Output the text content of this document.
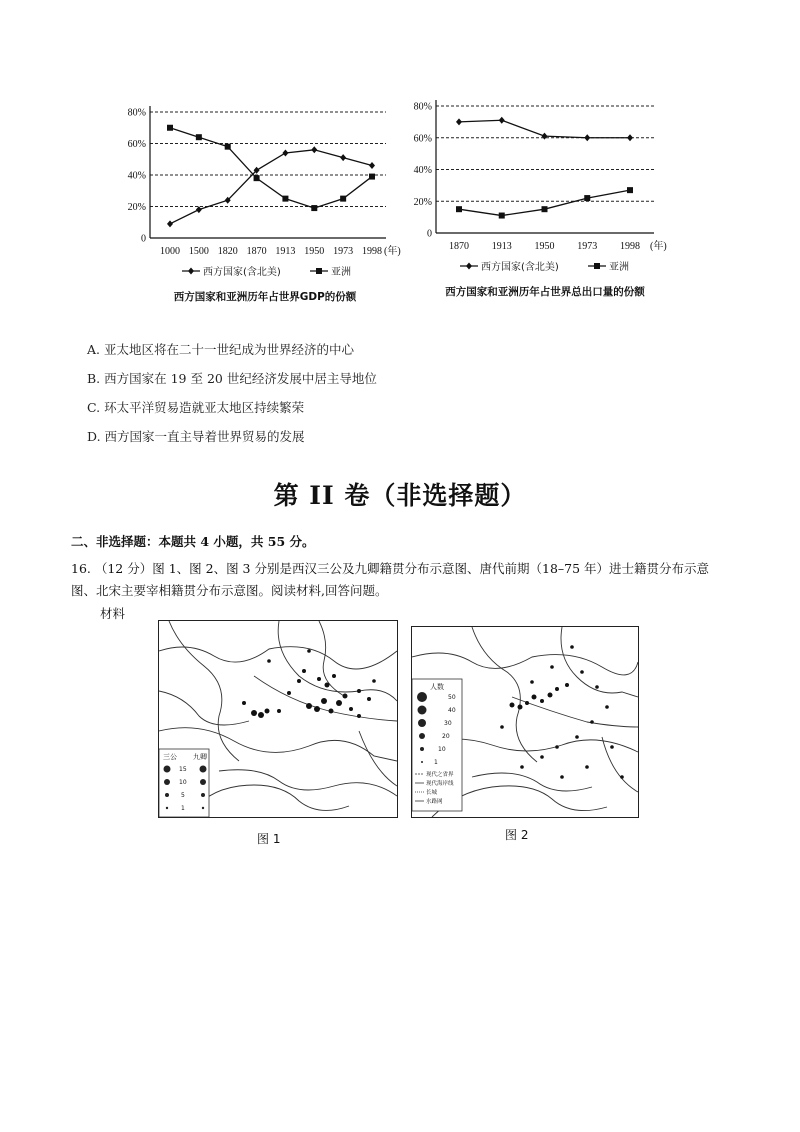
0
20%
40%
60%
80%
1000 1500 1820 1870 1913 1950 1973 1998 (年)
西方国家(含北美)	亚洲
西方国家和亚洲历年占世界GDP的份额
0
20%
40%
60%
80%
1870 1913 1950 1973 1998 (年)
西方国家(含北美)	亚洲
西方国家和亚洲历年占世界总出口量的份额
A. 亚太地区将在二十一世纪成为世界经济的中心
B. 西方国家在 19 至 20 世纪经济发展中居主导地位
C. 环太平洋贸易造就亚太地区持续繁荣
D. 西方国家一直主导着世界贸易的发展
第 II 卷（非选择题）
二、非选择题：本题共 4 小题，共 55 分。
16. （12 分）图 1、图 2、图 3 分别是西汉三公及九卿籍贯分布示意图、唐代前期（18–75 年）进士籍贯分布示意图、北宋主要宰相籍贯分布示意图。阅读材料,回答问题。
材料
三公 九卿
15
10
5
1
图 1
人数
50
40
30
20
10
1
现代之省界
现代海岸线
长城
水路网
图 2
